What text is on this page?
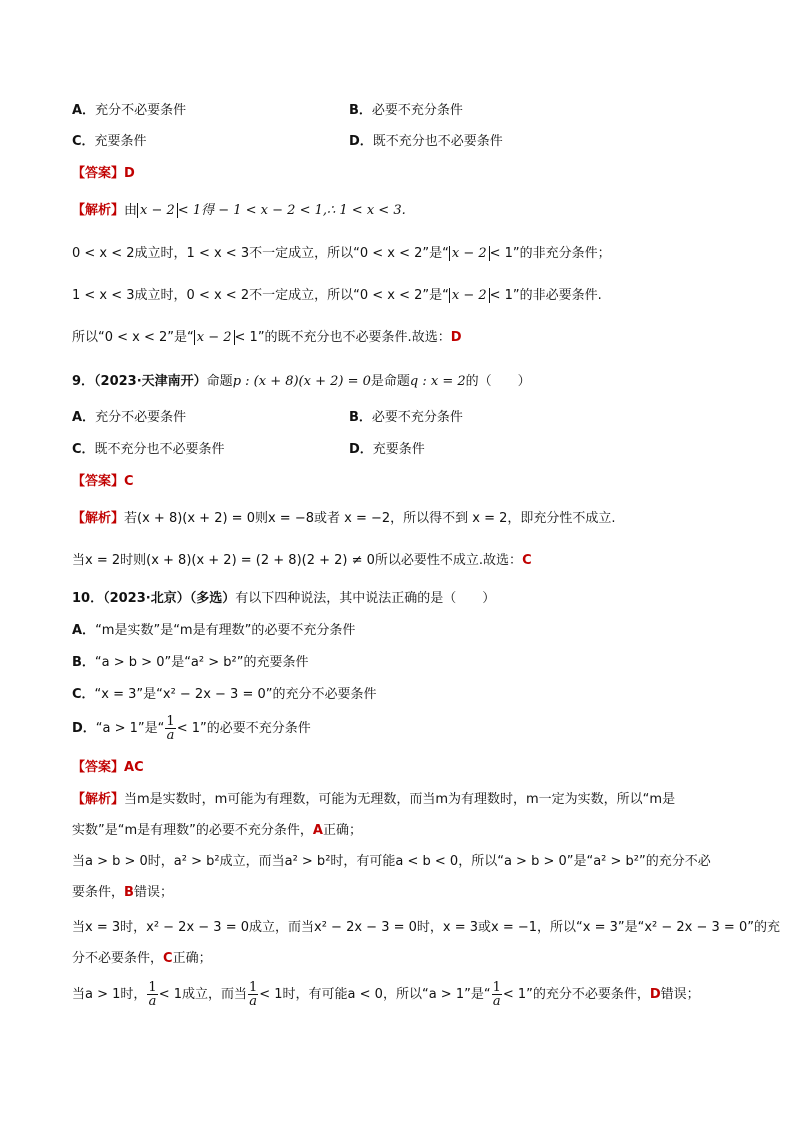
A．充分不必要条件	B．必要不充分条件
C．充要条件	D．既不充分也不必要条件
【答案】D
【解析】由 x − 2 < 1得 − 1 < x − 2 < 1,∴ 1 < x < 3.
0 < x < 2成立时，1 < x < 3不一定成立，所以“0 < x < 2”是“ x − 2 < 1”的非充分条件；
1 < x < 3成立时，0 < x < 2不一定成立，所以“0 < x < 2”是“ x − 2 < 1”的非必要条件.
所以“0 < x < 2”是“ x − 2 < 1”的既不充分也不必要条件.故选：D
9．（2023·天津南开）命题p : (x + 8)(x + 2) = 0是命题q : x = 2的（　　）
A．充分不必要条件	B．必要不充分条件
C．既不充分也不必要条件	D．充要条件
【答案】C
【解析】若(x + 8)(x + 2) = 0则x = −8或者 x = −2，所以得不到 x = 2，即充分性不成立.
当x = 2时则(x + 8)(x + 2) = (2 + 8)(2 + 2) ≠ 0所以必要性不成立.故选：C
10．（2023·北京）（多选）有以下四种说法，其中说法正确的是（　　）
A．“m是实数”是“m是有理数”的必要不充分条件
B．“a > b > 0”是“a² > b²”的充要条件
C．“x = 3”是“x² − 2x − 3 = 0”的充分不必要条件
D．“a > 1”是“ $\frac{1}{a} < 1$”的必要不充分条件
【答案】AC
【解析】当m是实数时，m可能为有理数，可能为无理数，而当m为有理数时，m一定为实数，所以“m是
实数”是“m是有理数”的必要不充分条件，A正确；
当a > b > 0时，a² > b²成立，而当a² > b²时，有可能a < b < 0，所以“a > b > 0”是“a² > b²”的充分不必
要条件，B错误；
当x = 3时，x² − 2x − 3 = 0成立，而当x² − 2x − 3 = 0时，x = 3或x = −1，所以“x = 3”是“x² − 2x − 3 = 0”的充
分不必要条件，C正确；
当a > 1时， $\frac{1}{a} < 1$成立，而当 $\frac{1}{a} < 1$时，有可能a < 0，所以“a > 1”是“ $\frac{1}{a} < 1$”的充分不必要条件，D错误；
